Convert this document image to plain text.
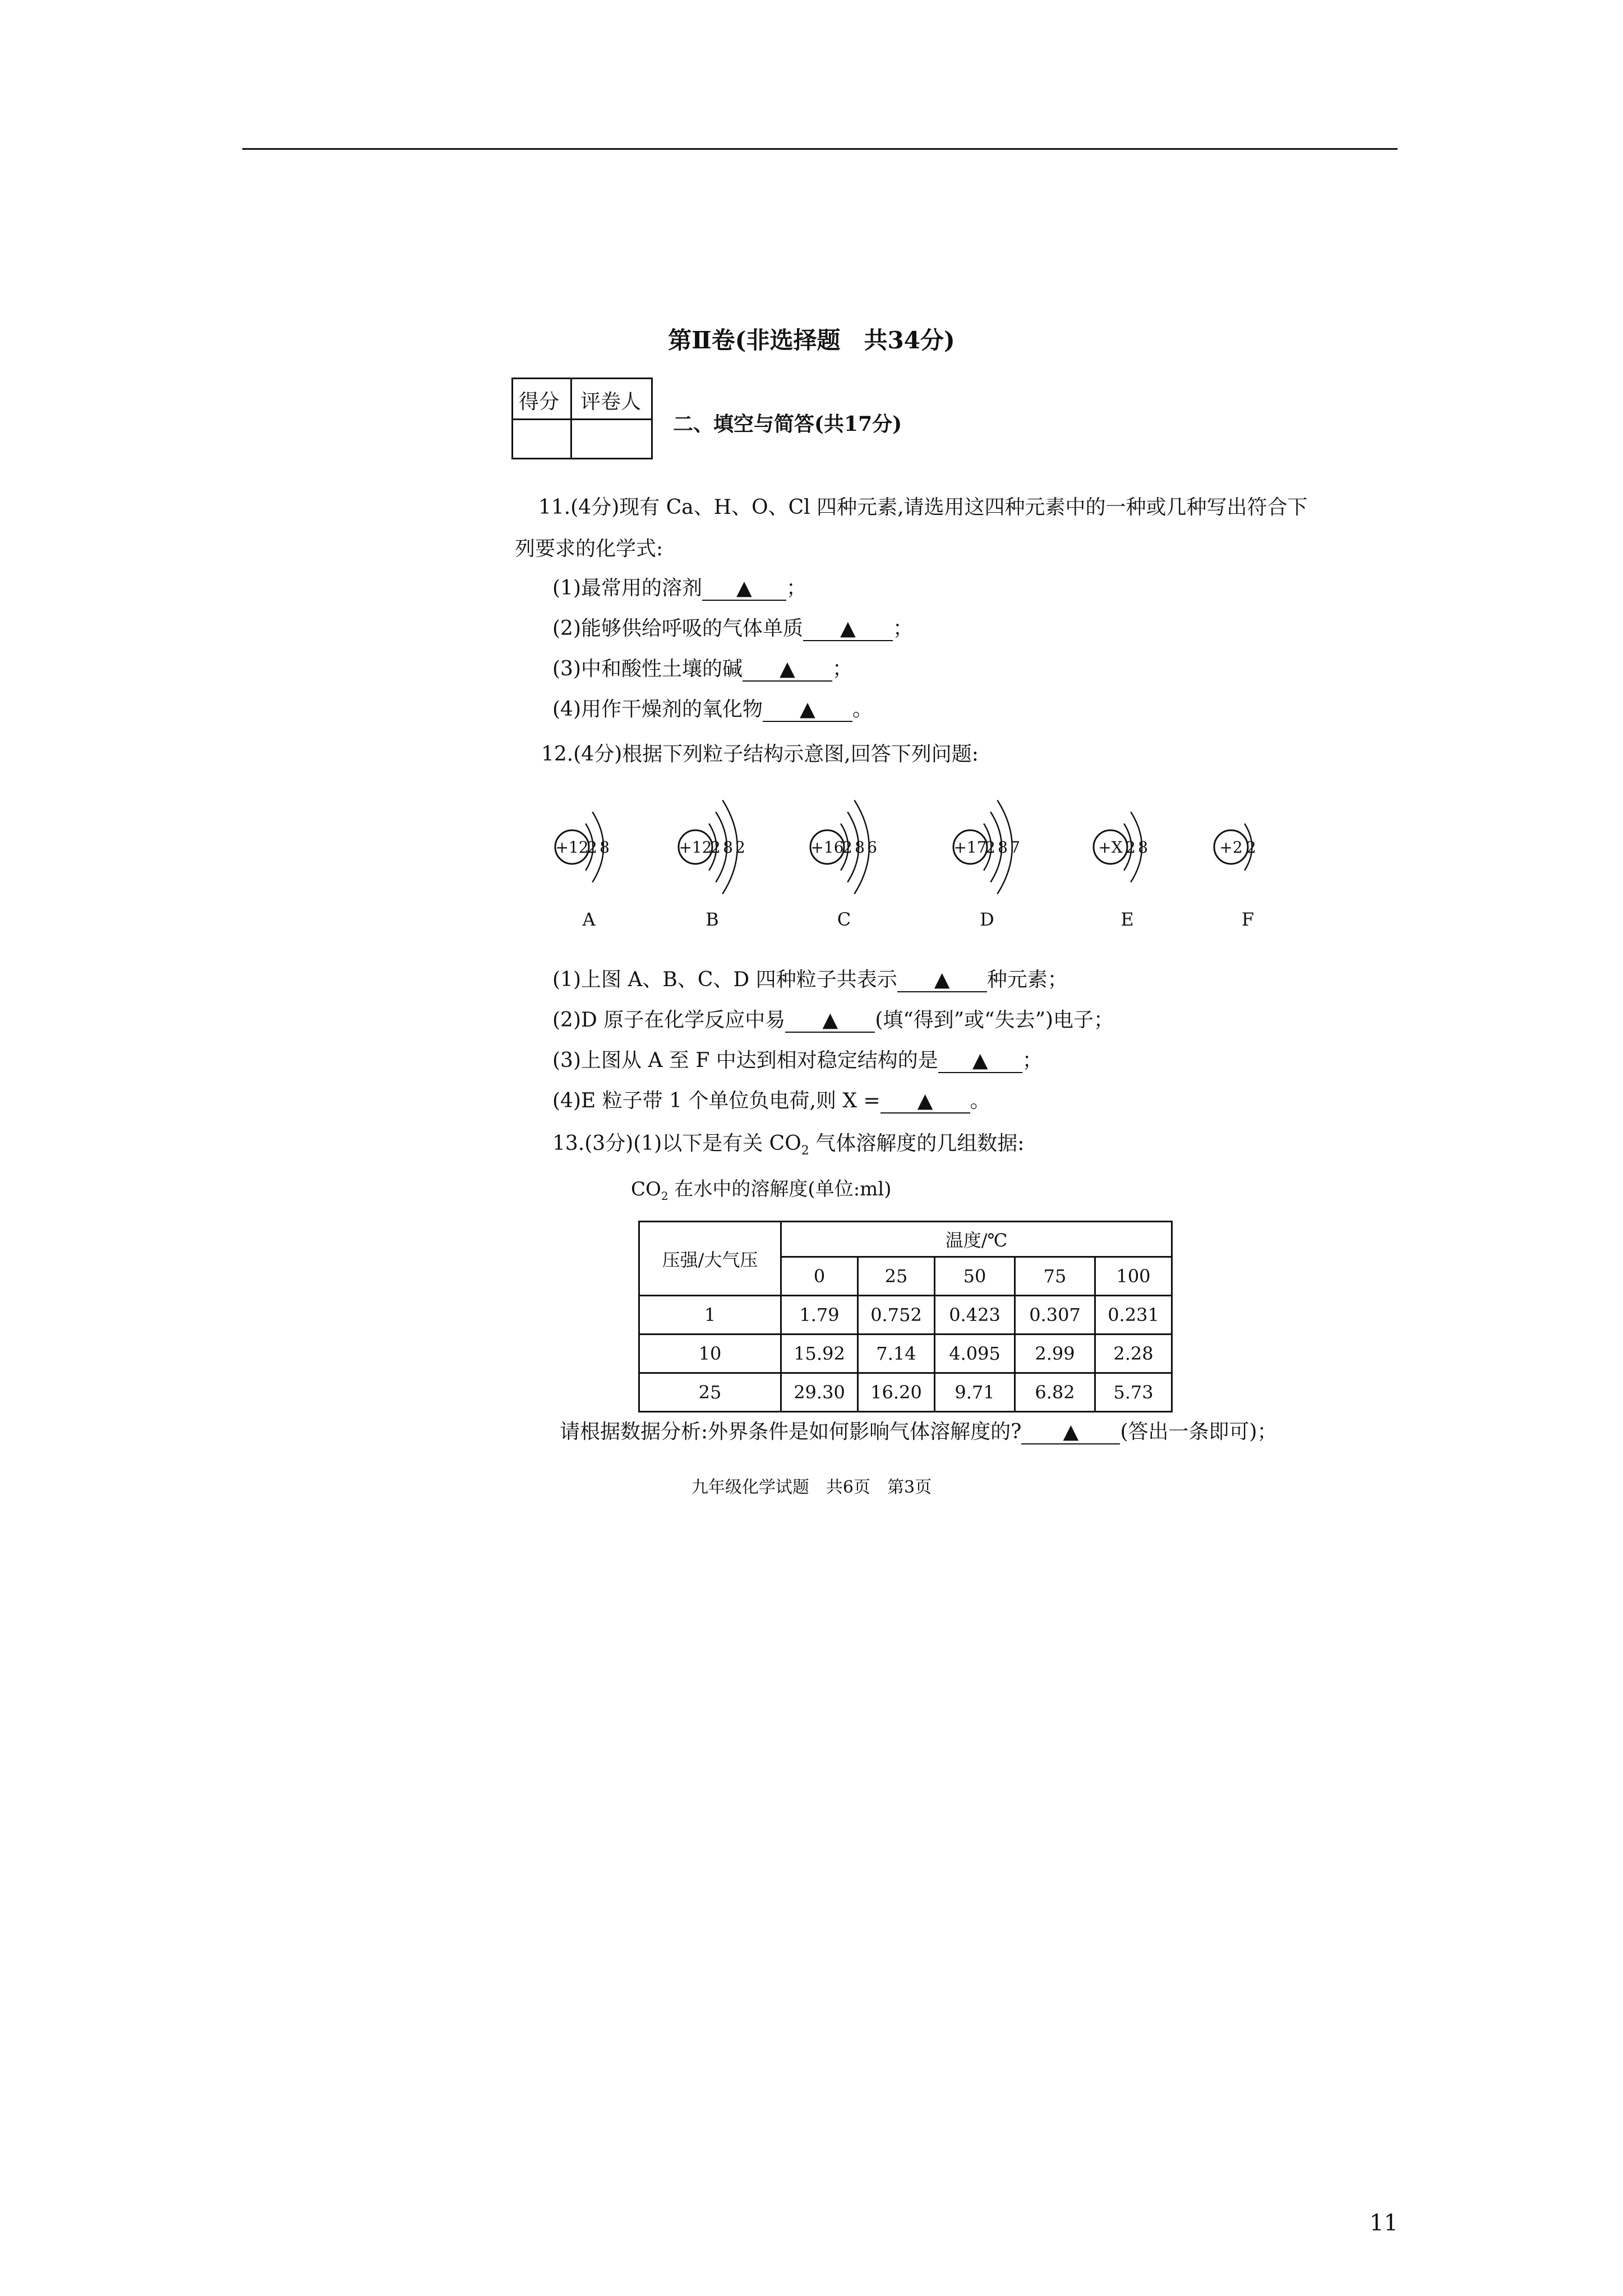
第Ⅱ卷(非选择题　共34分)
得分 评卷人
二、填空与简答(共17分)
11.(4分)现有 Ca、H、O、Cl 四种元素,请选用这四种元素中的一种或几种写出符合下
列要求的化学式:
(1)最常用的溶剂 ▲ ；
(2)能够供给呼吸的气体单质 ▲ ；
(3)中和酸性土壤的碱 ▲ ；
(4)用作干燥剂的氧化物 ▲ 。
12.(4分)根据下列粒子结构示意图,回答下列问题:
+12
2 8
A
+12
2 8 2
B
+16
2 8 6
C
+17
2 8 7
D
+X 2 8
E
+2 2
F
(1)上图 A、B、C、D 四种粒子共表示 ▲ 种元素；
(2)D 原子在化学反应中易 ▲ (填“得到”或“失去”)电子；
(3)上图从 A 至 F 中达到相对稳定结构的是 ▲ ；
(4)E 粒子带 1 个单位负电荷,则 X = ▲ 。
13.(3分)(1)以下是有关 $CO_2$ 气体溶解度的几组数据:
$CO_2$ 在水中的溶解度(单位:ml)
压强/大气压	温度/℃				
	0	25	50	75	100
1	1.79	0.752	0.423	0.307	0.231
10	15.92	7.14	4.095	2.99	2.28
25	29.30	16.20	9.71	6.82	5.73
请根据数据分析:外界条件是如何影响气体溶解度的? ▲ (答出一条即可)；
九年级化学试题　共6页　第3页
11
